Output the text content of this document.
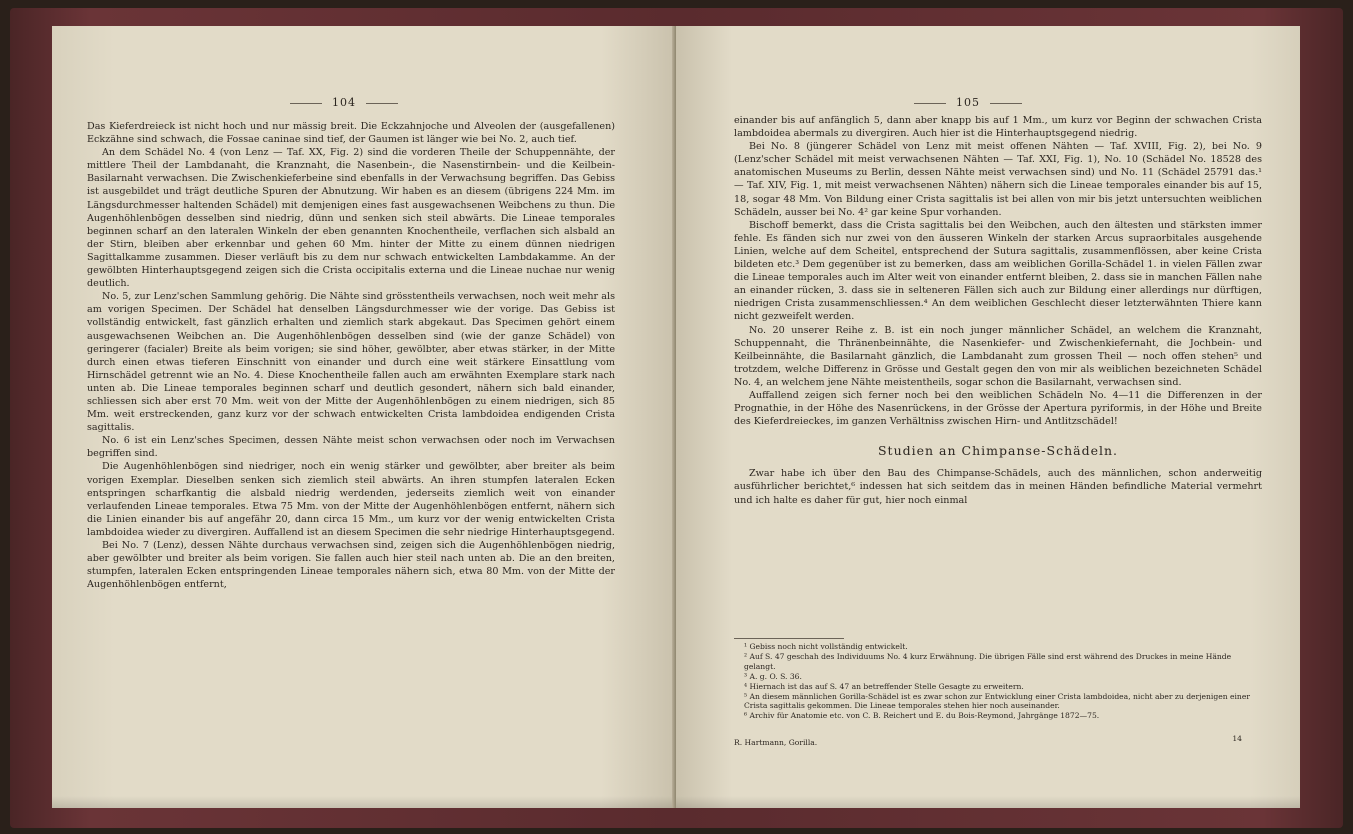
104

Das Kieferdreieck ist nicht hoch und nur mässig breit. Die Eckzahnjoche und Alveolen der (ausgefallenen) Eckzähne sind schwach, die Fossae caninae sind tief, der Gaumen ist länger wie bei No. 2, auch tief.

An dem Schädel No. 4 (von Lenz — Taf. XX, Fig. 2) sind die vorderen Theile der Schuppennähte, der mittlere Theil der Lambdanaht, die Kranznaht, die Nasenbein-, die Nasenstirnbein- und die Keilbein-Basilarnaht verwachsen. Die Zwischenkieferbeine sind ebenfalls in der Verwachsung begriffen. Das Gebiss ist ausgebildet und trägt deutliche Spuren der Abnutzung. Wir haben es an diesem (übrigens 224 Mm. im Längsdurchmesser haltenden Schädel) mit demjenigen eines fast ausgewachsenen Weibchens zu thun. Die Augenhöhlenbögen desselben sind niedrig, dünn und senken sich steil abwärts. Die Lineae temporales beginnen scharf an den lateralen Winkeln der eben genannten Knochentheile, verflachen sich alsbald an der Stirn, bleiben aber erkennbar und gehen 60 Mm. hinter der Mitte zu einem dünnen niedrigen Sagittalkamme zusammen. Dieser verläuft bis zu dem nur schwach entwickelten Lambdakamme. An der gewölbten Hinterhauptsgegend zeigen sich die Crista occipitalis externa und die Lineae nuchae nur wenig deutlich.

No. 5, zur Lenz'schen Sammlung gehörig. Die Nähte sind grösstentheils verwachsen, noch weit mehr als am vorigen Specimen. Der Schädel hat denselben Längsdurchmesser wie der vorige. Das Gebiss ist vollständig entwickelt, fast gänzlich erhalten und ziemlich stark abgekaut. Das Specimen gehört einem ausgewachsenen Weibchen an. Die Augenhöhlenbögen desselben sind (wie der ganze Schädel) von geringerer (facialer) Breite als beim vorigen; sie sind höher, gewölbter, aber etwas stärker, in der Mitte durch einen etwas tieferen Einschnitt von einander und durch eine weit stärkere Einsattlung vom Hirnschädel getrennt wie an No. 4. Diese Knochentheile fallen auch am erwähnten Exemplare stark nach unten ab. Die Lineae temporales beginnen scharf und deutlich gesondert, nähern sich bald einander, schliessen sich aber erst 70 Mm. weit von der Mitte der Augenhöhlenbögen zu einem niedrigen, sich 85 Mm. weit erstreckenden, ganz kurz vor der schwach entwickelten Crista lambdoidea endigenden Crista sagittalis.

No. 6 ist ein Lenz'sches Specimen, dessen Nähte meist schon verwachsen oder noch im Verwachsen begriffen sind.

Die Augenhöhlenbögen sind niedriger, noch ein wenig stärker und gewölbter, aber breiter als beim vorigen Exemplar. Dieselben senken sich ziemlich steil abwärts. An ihren stumpfen lateralen Ecken entspringen scharfkantig die alsbald niedrig werdenden, jederseits ziemlich weit von einander verlaufenden Lineae temporales. Etwa 75 Mm. von der Mitte der Augenhöhlenbögen entfernt, nähern sich die Linien einander bis auf angefähr 20, dann circa 15 Mm., um kurz vor der wenig entwickelten Crista lambdoidea wieder zu divergiren. Auffallend ist an diesem Specimen die sehr niedrige Hinterhauptsgegend.

Bei No. 7 (Lenz), dessen Nähte durchaus verwachsen sind, zeigen sich die Augenhöhlenbögen niedrig, aber gewölbter und breiter als beim vorigen. Sie fallen auch hier steil nach unten ab. Die an den breiten, stumpfen, lateralen Ecken entspringenden Lineae temporales nähern sich, etwa 80 Mm. von der Mitte der Augenhöhlenbögen entfernt,

105

einander bis auf anfänglich 5, dann aber knapp bis auf 1 Mm., um kurz vor Beginn der schwachen Crista lambdoidea abermals zu divergiren. Auch hier ist die Hinterhauptsgegend niedrig.

Bei No. 8 (jüngerer Schädel von Lenz mit meist offenen Nähten — Taf. XVIII, Fig. 2), bei No. 9 (Lenz'scher Schädel mit meist verwachsenen Nähten — Taf. XXI, Fig. 1), No. 10 (Schädel No. 18528 des anatomischen Museums zu Berlin, dessen Nähte meist verwachsen sind) und No. 11 (Schädel 25791 das.¹ — Taf. XIV, Fig. 1, mit meist verwachsenen Nähten) nähern sich die Lineae temporales einander bis auf 15, 18, sogar 48 Mm. Von Bildung einer Crista sagittalis ist bei allen von mir bis jetzt untersuchten weiblichen Schädeln, ausser bei No. 4² gar keine Spur vorhanden.

Bischoff bemerkt, dass die Crista sagittalis bei den Weibchen, auch den ältesten und stärksten immer fehle. Es fänden sich nur zwei von den äusseren Winkeln der starken Arcus supraorbitales ausgehende Linien, welche auf dem Scheitel, entsprechend der Sutura sagittalis, zusammenflössen, aber keine Crista bildeten etc.³ Dem gegenüber ist zu bemerken, dass am weiblichen Gorilla-Schädel 1. in vielen Fällen zwar die Lineae temporales auch im Alter weit von einander entfernt bleiben, 2. dass sie in manchen Fällen nahe an einander rücken, 3. dass sie in selteneren Fällen sich auch zur Bildung einer allerdings nur dürftigen, niedrigen Crista zusammenschliessen.⁴ An dem weiblichen Geschlecht dieser letzterwähnten Thiere kann nicht gezweifelt werden.

No. 20 unserer Reihe z. B. ist ein noch junger männlicher Schädel, an welchem die Kranznaht, Schuppennaht, die Thränenbeinnähte, die Nasenkiefer- und Zwischenkiefernaht, die Jochbein- und Keilbeinnähte, die Basilarnaht gänzlich, die Lambdanaht zum grossen Theil — noch offen stehen⁵ und trotzdem, welche Differenz in Grösse und Gestalt gegen den von mir als weiblichen bezeichneten Schädel No. 4, an welchem jene Nähte meistentheils, sogar schon die Basilarnaht, verwachsen sind.

Auffallend zeigen sich ferner noch bei den weiblichen Schädeln No. 4—11 die Differenzen in der Prognathie, in der Höhe des Nasenrückens, in der Grösse der Apertura pyriformis, in der Höhe und Breite des Kieferdreieckes, im ganzen Verhältniss zwischen Hirn- und Antlitzschädel!

Studien an Chimpanse-Schädeln.

Zwar habe ich über den Bau des Chimpanse-Schädels, auch des männlichen, schon anderweitig ausführlicher berichtet,⁶ indessen hat sich seitdem das in meinen Händen befindliche Material vermehrt und ich halte es daher für gut, hier noch einmal

¹ Gebiss noch nicht vollständig entwickelt.
² Auf S. 47 geschah des Individuums No. 4 kurz Erwähnung. Die übrigen Fälle sind erst während des Druckes in meine Hände gelangt.
³ A. g. O. S. 36.
⁴ Hiernach ist das auf S. 47 an betreffender Stelle Gesagte zu erweitern.
⁵ An diesem männlichen Gorilla-Schädel ist es zwar schon zur Entwicklung einer Crista lambdoidea, nicht aber zu derjenigen einer Crista sagittalis gekommen. Die Lineae temporales stehen hier noch auseinander.
⁶ Archiv für Anatomie etc. von C. B. Reichert und E. du Bois-Reymond, Jahrgänge 1872—75.
R. Hartmann, Gorilla.	14
